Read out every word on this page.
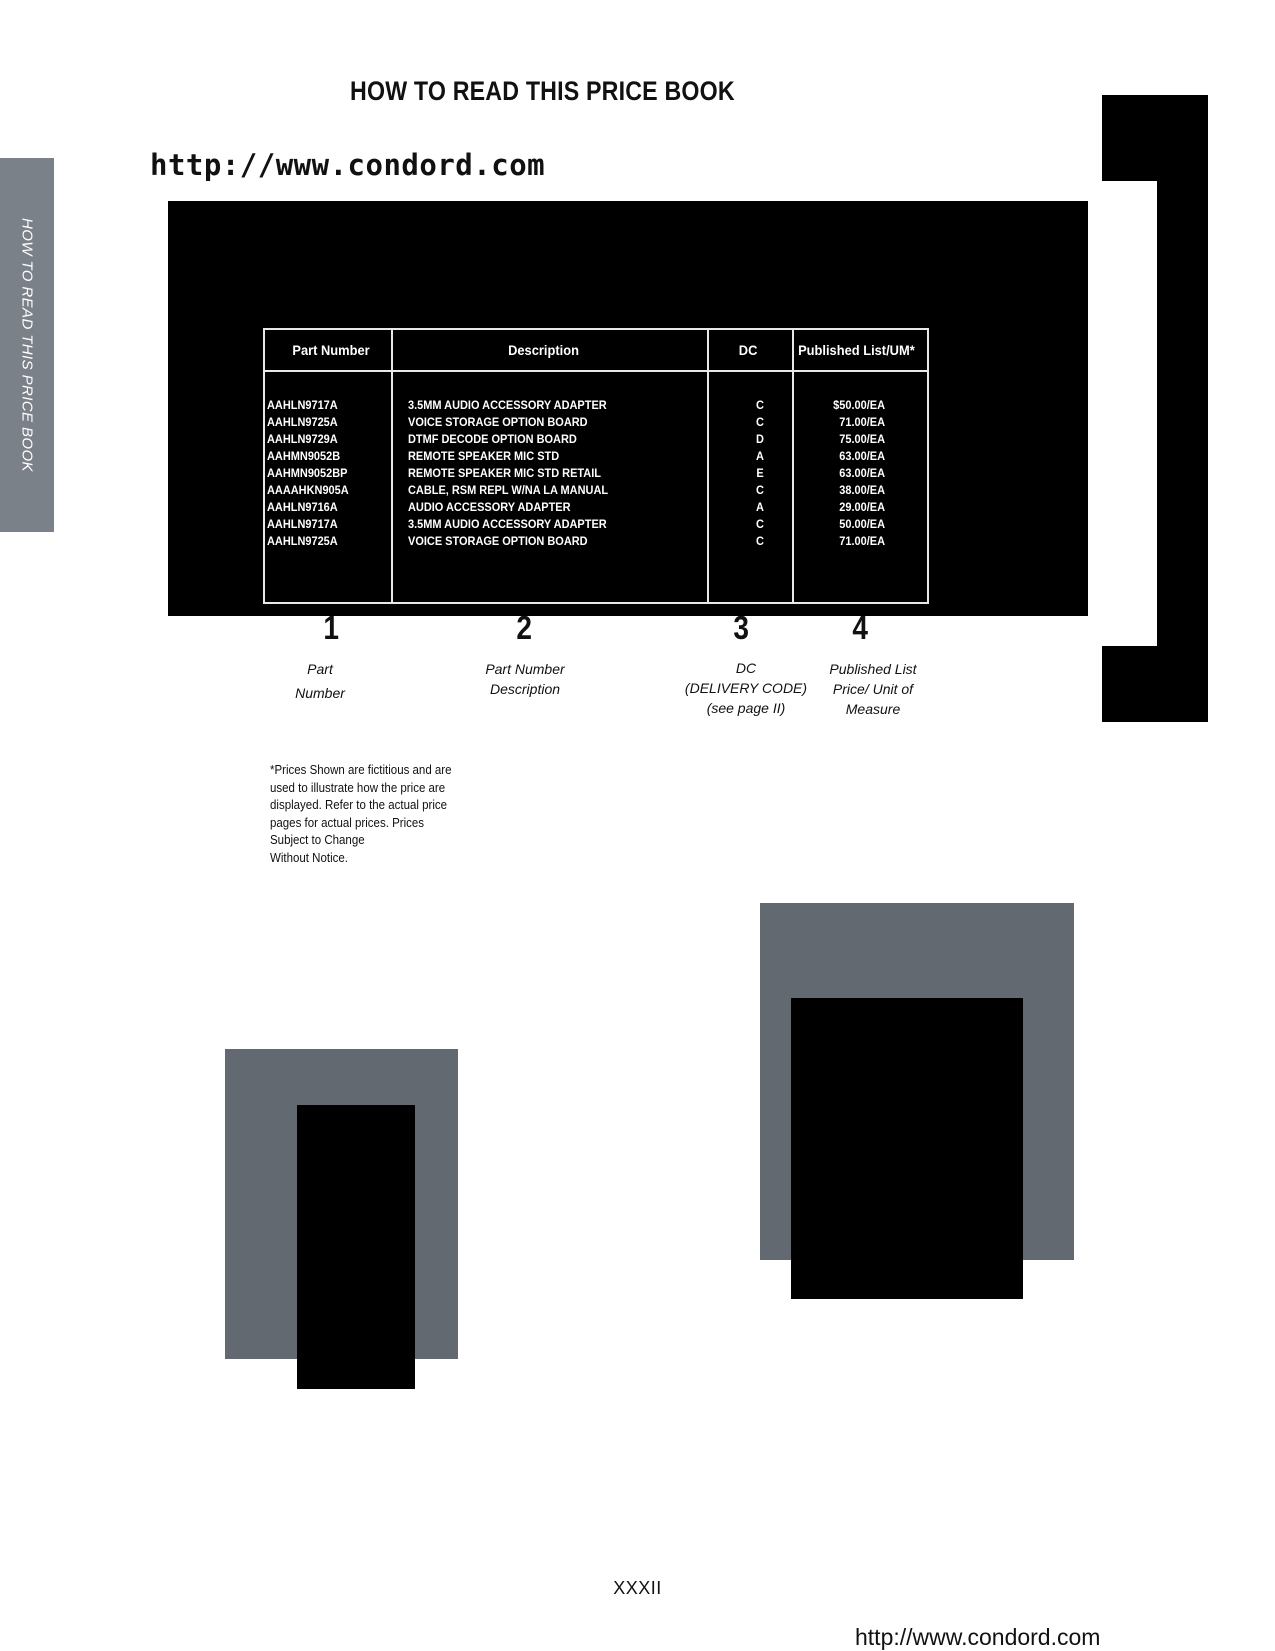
HOW TO READ THIS PRICE BOOK
http://www.condord.com
HOW TO READ THIS PRICE BOOK	Part Number	Description	DC	Published List/UM*
AAHLN9717A	3.5MM AUDIO ACCESSORY ADAPTER	C	$50.00/EA
AAHLN9725A	VOICE STORAGE OPTION BOARD	C	71.00/EA
AAHLN9729A	DTMF DECODE OPTION BOARD	D	75.00/EA
AAHMN9052B	REMOTE SPEAKER MIC STD	A	63.00/EA
AAHMN9052BP	REMOTE SPEAKER MIC STD RETAIL	E	63.00/EA
AAAAHKN905A	CABLE, RSM REPL W/NA LA MANUAL	C	38.00/EA
AAHLN9716A	AUDIO ACCESSORY ADAPTER	A	29.00/EA
AAHLN9717A	3.5MM AUDIO ACCESSORY ADAPTER	C	50.00/EA
AAHLN9725A	VOICE STORAGE OPTION BOARD	C	71.00/EA
1
Part
Number
2
Part Number
Description
3
DC
(DELIVERY CODE)
(see page II)
4
Published List
Price/ Unit of
Measure
*Prices Shown are fictitious and are
used to illustrate how the price are
displayed. Refer to the actual price
pages for actual prices. Prices
Subject to Change
Without Notice.
XXXII
http://www.condord.com
